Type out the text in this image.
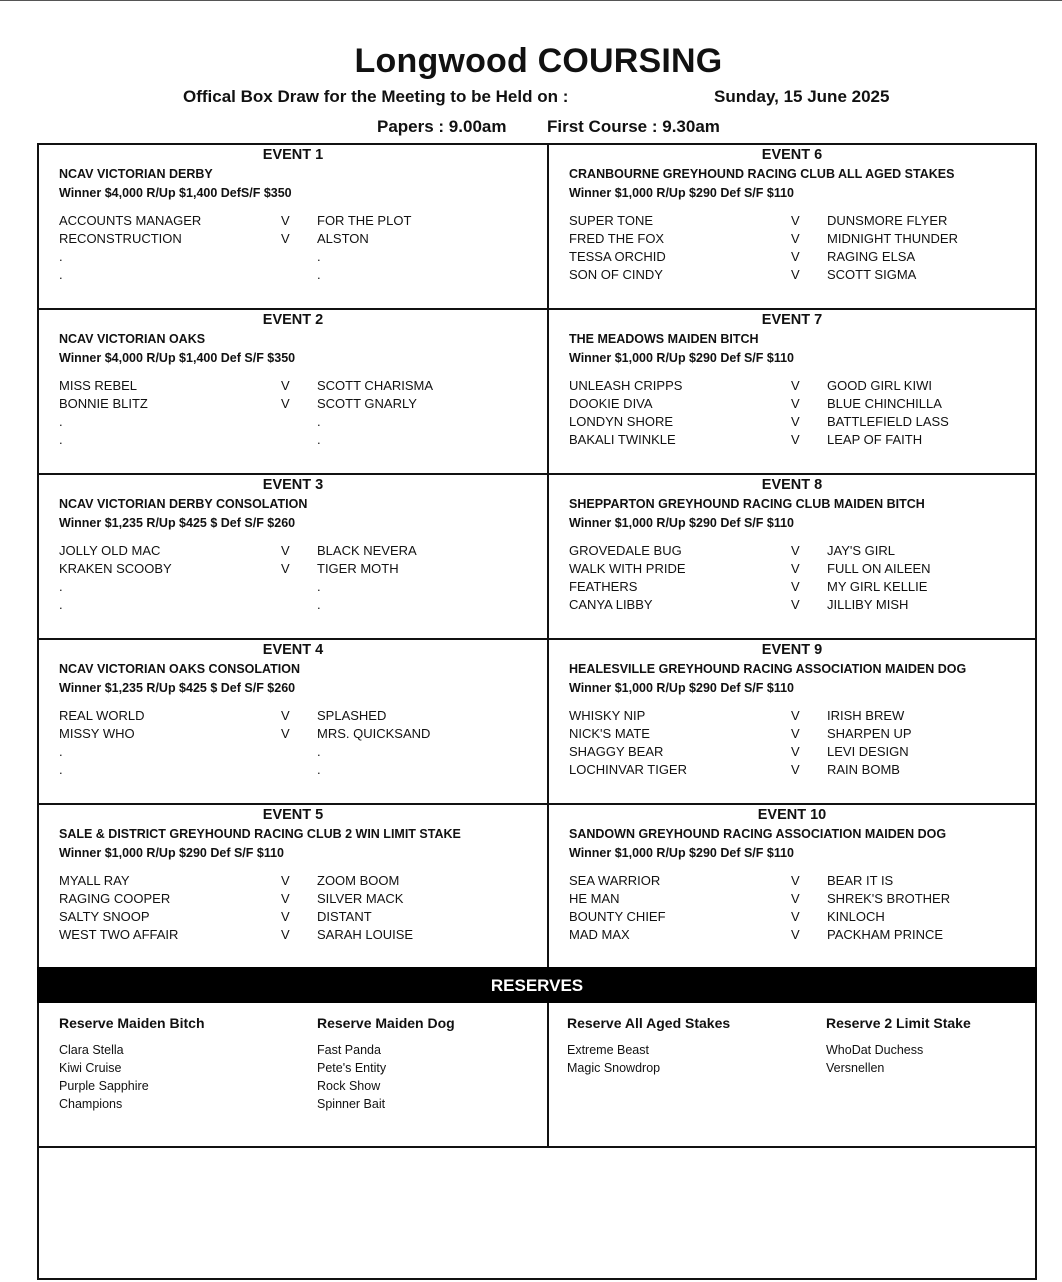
Longwood COURSING
Offical Box Draw for the Meeting to be Held on :	Sunday, 15 June 2025
Papers : 9.00am First Course : 9.30am
EVENT 1
NCAV VICTORIAN DERBY
Winner $4,000 R/Up $1,400 DefS/F $350
ACCOUNTS MANAGER	V	FOR THE PLOT
RECONSTRUCTION	V	ALSTON
.	.
.	.
EVENT 6
CRANBOURNE GREYHOUND RACING CLUB ALL AGED STAKES
Winner $1,000 R/Up $290 Def S/F $110
SUPER TONE	V	DUNSMORE FLYER
FRED THE FOX	V	MIDNIGHT THUNDER
TESSA ORCHID	V	RAGING ELSA
SON OF CINDY	V	SCOTT SIGMA
EVENT 2
NCAV VICTORIAN OAKS
Winner $4,000 R/Up $1,400 Def S/F $350
MISS REBEL	V	SCOTT CHARISMA
BONNIE BLITZ	V	SCOTT GNARLY
.	.
.	.
EVENT 7
THE MEADOWS MAIDEN BITCH
Winner $1,000 R/Up $290 Def S/F $110
UNLEASH CRIPPS	V	GOOD GIRL KIWI
DOOKIE DIVA	V	BLUE CHINCHILLA
LONDYN SHORE	V	BATTLEFIELD LASS
BAKALI TWINKLE	V	LEAP OF FAITH
EVENT 3
NCAV VICTORIAN DERBY CONSOLATION
Winner $1,235 R/Up $425 $ Def S/F $260
JOLLY OLD MAC	V	BLACK NEVERA
KRAKEN SCOOBY	V	TIGER MOTH
.	.
.	.
EVENT 8
SHEPPARTON GREYHOUND RACING CLUB MAIDEN BITCH
Winner $1,000 R/Up $290 Def S/F $110
GROVEDALE BUG	V	JAY'S GIRL
WALK WITH PRIDE	V	FULL ON AILEEN
FEATHERS	V	MY GIRL KELLIE
CANYA LIBBY	V	JILLIBY MISH
EVENT 4
NCAV VICTORIAN OAKS CONSOLATION
Winner $1,235 R/Up $425 $ Def S/F $260
REAL WORLD	V	SPLASHED
MISSY WHO	V	MRS. QUICKSAND
.	.
.	.
EVENT 9
HEALESVILLE GREYHOUND RACING ASSOCIATION MAIDEN DOG
Winner $1,000 R/Up $290 Def S/F $110
WHISKY NIP	V	IRISH BREW
NICK'S MATE	V	SHARPEN UP
SHAGGY BEAR	V	LEVI DESIGN
LOCHINVAR TIGER	V	RAIN BOMB
EVENT 5
SALE & DISTRICT GREYHOUND RACING CLUB 2 WIN LIMIT STAKE
Winner $1,000 R/Up $290 Def S/F $110
MYALL RAY	V	ZOOM BOOM
RAGING COOPER	V	SILVER MACK
SALTY SNOOP	V	DISTANT
WEST TWO AFFAIR	V	SARAH LOUISE
EVENT 10
SANDOWN GREYHOUND RACING ASSOCIATION MAIDEN DOG
Winner $1,000 R/Up $290 Def S/F $110
SEA WARRIOR	V	BEAR IT IS
HE MAN	V	SHREK'S BROTHER
BOUNTY CHIEF	V	KINLOCH
MAD MAX	V	PACKHAM PRINCE
RESERVES
Reserve Maiden Bitch
Clara Stella
Kiwi Cruise
Purple Sapphire
Champions
Reserve Maiden Dog
Fast Panda
Pete's Entity
Rock Show
Spinner Bait
Reserve All Aged Stakes
Extreme Beast
Magic Snowdrop
Reserve 2 Limit Stake
WhoDat Duchess
Versnellen
